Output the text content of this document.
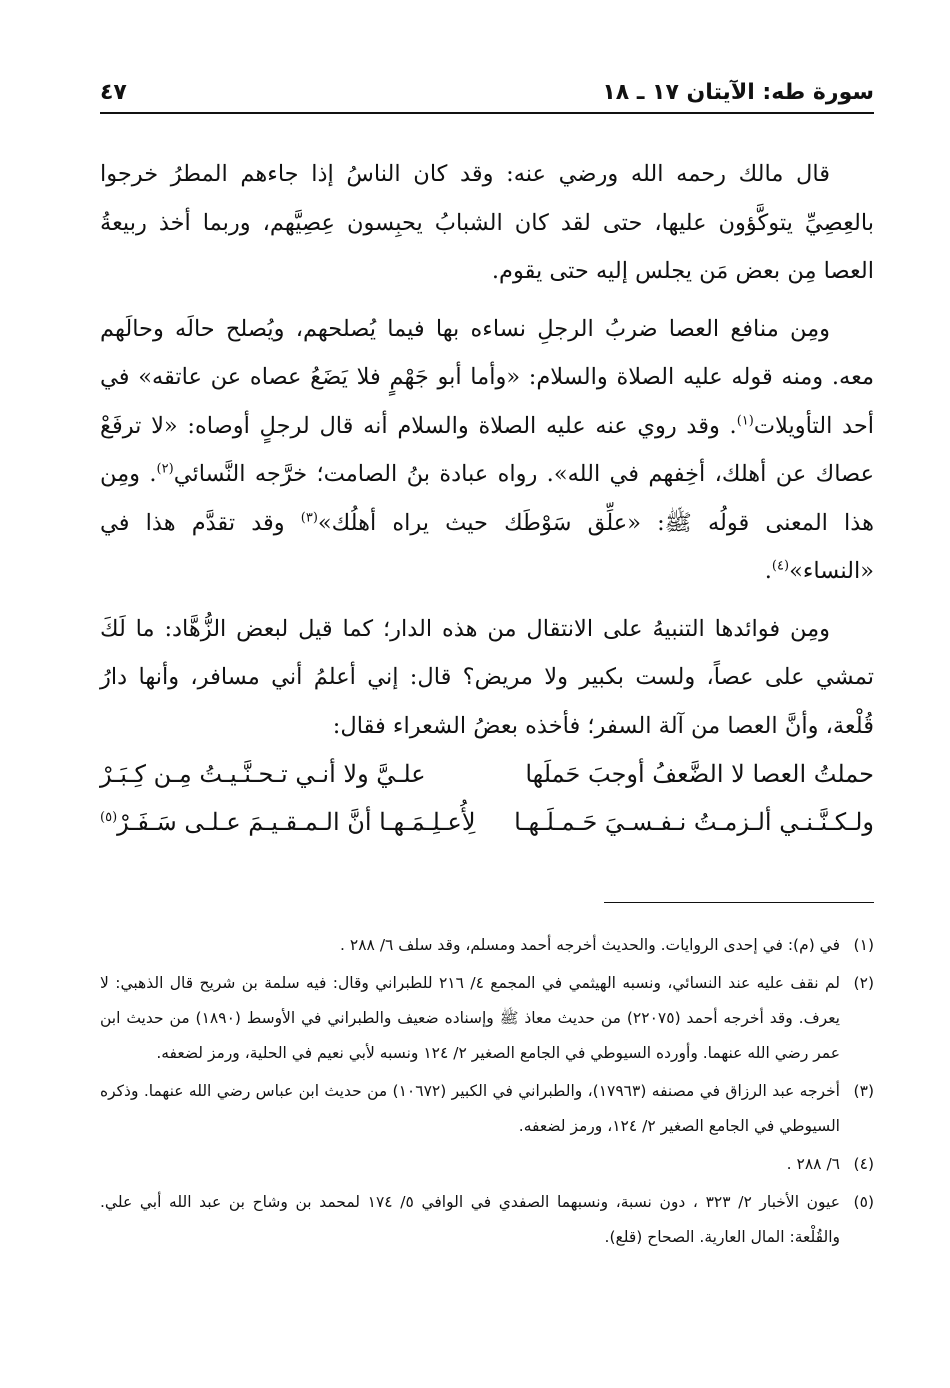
سورة طه: الآيتان ١٧ ـ ١٨
٤٧

قال مالك رحمه الله ورضي عنه: وقد كان الناسُ إذا جاءهم المطرُ خرجوا بالعِصِيِّ يتوكَّؤون عليها، حتى لقد كان الشبابُ يحبِسون عِصِيَّهم، وربما أخذ ربيعةُ العصا مِن بعض مَن يجلس إليه حتى يقوم.

ومِن منافع العصا ضربُ الرجلِ نساءه بها فيما يُصلحهم، ويُصلح حالَه وحالَهم معه. ومنه قوله عليه الصلاة والسلام: «وأما أبو جَهْمٍ فلا يَضَعُ عصاه عن عاتقه» في أحد التأويلات$^{(١)}$. وقد روي عنه عليه الصلاة والسلام أنه قال لرجلٍ أوصاه: «لا ترفَعْ عصاك عن أهلك، أخِفهم في الله». رواه عبادة بنُ الصامت؛ خرَّجه النَّسائي$^{(٢)}$. ومِن هذا المعنى قولُه ﷺ: «علِّق سَوْطَك حيث يراه أهلُك»$^{(٣)}$ وقد تقدَّم هذا في «النساء»$^{(٤)}$.

ومِن فوائدها التنبيهُ على الانتقال من هذه الدار؛ كما قيل لبعض الزُّهَّاد: ما لَكَ تمشي على عصاً، ولست بكبير ولا مريض؟ قال: إني أعلمُ أني مسافر، وأنها دارُ قُلْعة، وأنَّ العصا من آلة السفر؛ فأخذه بعضُ الشعراء فقال:

حملتُ العصا لا الضَّعفُ أوجبَ حَملَها
علـيَّ ولا أنـي تـحـنَّـيـتُ مِـن كِـبَـرْ
ولـكـنَّـنـي ألـزمـتُ نـفـسـيَ حَـمـلَـهـا
لِأُعـلِـمَـهـا أنَّ الـمـقـيـمَ عـلـى سَـفَـرْ$^{(٥)}$

(١)
في (م): في إحدى الروايات. والحديث أخرجه أحمد ومسلم، وقد سلف ٦/ ٢٨٨ .

(٢)
لم نقف عليه عند النسائي، ونسبه الهيثمي في المجمع ٤/ ٢١٦ للطبراني وقال: فيه سلمة بن شريح قال الذهبي: لا يعرف. وقد أخرجه أحمد (٢٢٠٧٥) من حديث معاذ ﷺ وإسناده ضعيف والطبراني في الأوسط (١٨٩٠) من حديث ابن عمر رضي الله عنهما. وأورده السيوطي في الجامع الصغير ٢/ ١٢٤ ونسبه لأبي نعيم في الحلية، ورمز لضعفه.

(٣)
أخرجه عبد الرزاق في مصنفه (١٧٩٦٣)، والطبراني في الكبير (١٠٦٧٢) من حديث ابن عباس رضي الله عنهما. وذكره السيوطي في الجامع الصغير ٢/ ١٢٤، ورمز لضعفه.

(٤)
٦/ ٢٨٨ .

(٥)
عيون الأخبار ٢/ ٣٢٣ ، دون نسبة، ونسبهما الصفدي في الوافي ٥/ ١٧٤ لمحمد بن وشاح بن عبد الله أبي علي. والقُلْعة: المال العارية. الصحاح (قلع).
